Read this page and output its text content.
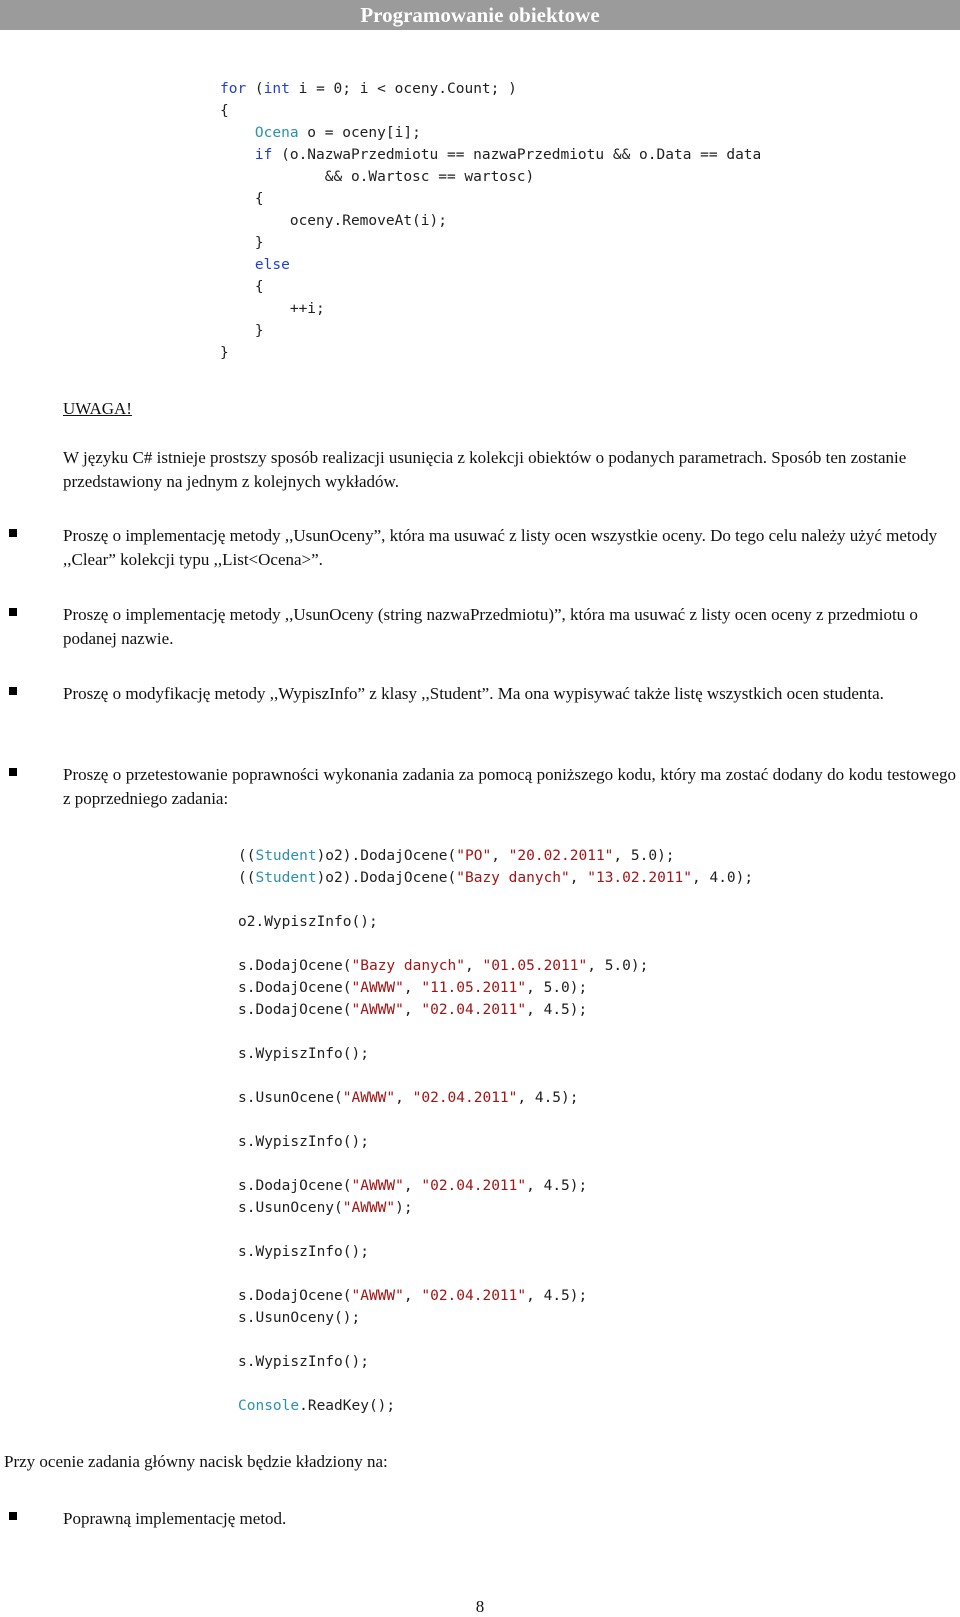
Programowanie obiektowe
for (int i = 0; i < oceny.Count; )
{
Ocena o = oceny[i];
if (o.NazwaPrzedmiotu == nazwaPrzedmiotu && o.Data == data
&& o.Wartosc == wartosc)
{
oceny.RemoveAt(i);
}
else
{
++i;
}
}
UWAGA!
W języku C# istnieje prostszy sposób realizacji usunięcia z kolekcji obiektów o podanych parametrach. Sposób ten zostanie przedstawiony na jednym z kolejnych wykładów.
Proszę o implementację metody ,,UsunOceny”, która ma usuwać z listy ocen wszystkie oceny. Do tego celu należy użyć metody ,,Clear” kolekcji typu ,,List<Ocena>”.
Proszę o implementację metody ,,UsunOceny (string nazwaPrzedmiotu)”, która ma usuwać z listy ocen oceny z przedmiotu o podanej nazwie.
Proszę o modyfikację metody ,,WypiszInfo” z klasy ,,Student”. Ma ona wypisywać także listę wszystkich ocen studenta.
Proszę o przetestowanie poprawności wykonania zadania za pomocą poniższego kodu, który ma zostać dodany do kodu testowego z poprzedniego zadania:
((Student)o2).DodajOcene("PO", "20.02.2011", 5.0);
((Student)o2).DodajOcene("Bazy danych", "13.02.2011", 4.0);
o2.WypiszInfo();
s.DodajOcene("Bazy danych", "01.05.2011", 5.0);
s.DodajOcene("AWWW", "11.05.2011", 5.0);
s.DodajOcene("AWWW", "02.04.2011", 4.5);
s.WypiszInfo();
s.UsunOcene("AWWW", "02.04.2011", 4.5);
s.WypiszInfo();
s.DodajOcene("AWWW", "02.04.2011", 4.5);
s.UsunOceny("AWWW");
s.WypiszInfo();
s.DodajOcene("AWWW", "02.04.2011", 4.5);
s.UsunOceny();
s.WypiszInfo();
Console.ReadKey();
Przy ocenie zadania główny nacisk będzie kładziony na:
Poprawną implementację metod.
8
